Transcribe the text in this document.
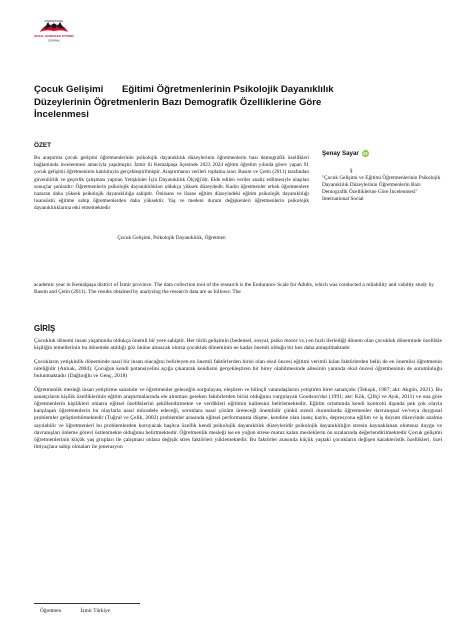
INTERNATIONAL
SOCIAL SCIENCES STUDIES
JOURNAL
Çocuk Gelişimi       Eğitimi Öğretmenlerinin Psikolojik Dayanıklılık
Düzeylerinin Öğretmenlerin Bazı Demografik Özelliklerine Göre
İncelenmesi
ÖZET
Bu araştırma çocuk gelişimi öğretmenlerinin psikolojik dayanıklılık düzeylerinin öğretmenlerin bazı demografik özellikleri bağlamında incelenmesi amacıyla yapılmıştır. İzmir ili Kemalpaşa ilçesinde 2023 2024 eğitim öğretim yılında görev yapan 91 çocuk gelişimi öğretmeninin katılımıyla gerçekleştirilmiştir. Araştırmanın verileri toplama aracı Basım ve Çetin (2011) tarafından güvenilirlik ve geçerlik çalışması yapılan Yetişkinler İçin Dayanıklılık Ölçeği'dir. Elde edilen veriler analiz edilmesiyle ulaşılan sonuçlar şunlardır: Öğretmenlerin psikolojik dayanıklılıkları oldukça yüksek düzeydedir. Kadın öğretmenler erkek öğretmenlere nazaran daha yüksek psikolojik dayanıklılığa sahiptir. Önlisans ve lisans eğitim düzeyindeki eğitim psikolojik dayanıklılığı lisansüstü eğitime sahip öğretmenlerden daha yüksektir. Yaş ve medeni durum değişkenleri öğretmenlerin psikolojik dayanıklılıklarına etki etmemektedir
Çocuk Gelişimi, Psikolojik Dayanıklılık, Öğretmen
Şenay Sayar iD
§
"Çocuk Gelişimi ve Eğitimi Öğretmenlerinin Psikolojik Dayanıklılık Düzeylerinin Öğretmenlerin Bazı Demografik Özelliklerine Göre İncelenmesi" International Social
academic year in Kemalpaşa district of İzmir province. The data collection tool of the research is the Endurance Scale for Adults, which was conducted a reliability and validity study by Basım and Çetin (2011). The results obtained by analyzing the research data are as follows: The
GİRİŞ

Çocukluk dönemi insan yaşamında oldukça önemli bir yere sahiptir. Her türlü gelişimin (bedensel, sosyal, psiko motor vs.) en hızlı ilerlediği dönem olan çocukluk döneminde özellikle kişiliğin temellerinin bu dönemde atıldığı göz önüne alınacak olursa çocukluk döneminin ne kadar önemli olduğu bir kez daha anlaşılmaktadır

Çocukların yetişkinlik döneminde nasıl bir insan olacağını belirleyen en önemli faktörlerden birisi olan okul öncesi eğitimi verimli kılan faktörlerden belki de en önemlisi öğretmenin niteliğidir (Anlıak, 2004). Çocuğun kendi potansiyelini açığa çıkararak kendisini gerçekleştiren bir birey olabilmesinde ailesinin yanında okul öncesi öğretmeninin de sorumluluğu bulunmaktadır (Dağlıoğlu ve Genç, 2018)

Öğretmenlik mesleği insan yetiştirme sanatıdır ve öğretmenler geleceğin sorgulayan, eleştiren ve bilinçli vatandaşlarını yetiştiren birer sanatçıdır (Tekışık, 1987; akt: Akgün, 2021). Bu sanatçıların kişilik özelliklerinin eğitim araştırmalarında ele alınması gereken faktörlerden birisi olduğunu vurgulayan Goodson'dur (1991; akt: Kök, Çiftçi ve Ayık, 2011) ve ona göre öğretmenlerin kişilikleri onların eğitsel özelliklerini şekillendirmekte ve verdikleri eğitimin kalitesini belirlemektedir. Eğitim ortamında kendi kontrolü dışında pek çok olayla karşılaşan öğretmenlerin bu olaylarla nasıl mücadele edeceği, sorunlara nasıl çözüm üreteceği önemlidir çünkü stresli durumlarda öğretmenler davranışsal ve/veya duygusal problemler geliştirebilmektedir (Tuğrul ve Çelik, 2002) problemler arasında eğitsel performansta düşme, kendine olan inanç kaybı, depresyona eğilim ve iş doyum düzeyinde azalma sayılabilir ve öğretmenleri bu problemlerden koruyacak başlıca özellik kendi psikolojik dayanıklılık düzeyleridir psikolojik dayanıklılığın stresin kaynaklanan olumsuz duygu ve davranışları önleme görevi üstlenmekte olduğunu belirtmektedir. Öğretmenlik mesleği ise en yoğun strese maruz kalan mesleklerin ön sıralarında değerlendirilmektedir Çocuk gelişimi öğretmenlerinin küçük yaş grupları ile çalışması onlara değişik stres faktörleri yüklemektedir. Bu faktörler arasında küçük yaştaki çocukların değişen karakteristik özellikleri, özel ihtiyaçlara sahip olmaları ile jenerasyon

Öğretmen	İzmir Türkiye
